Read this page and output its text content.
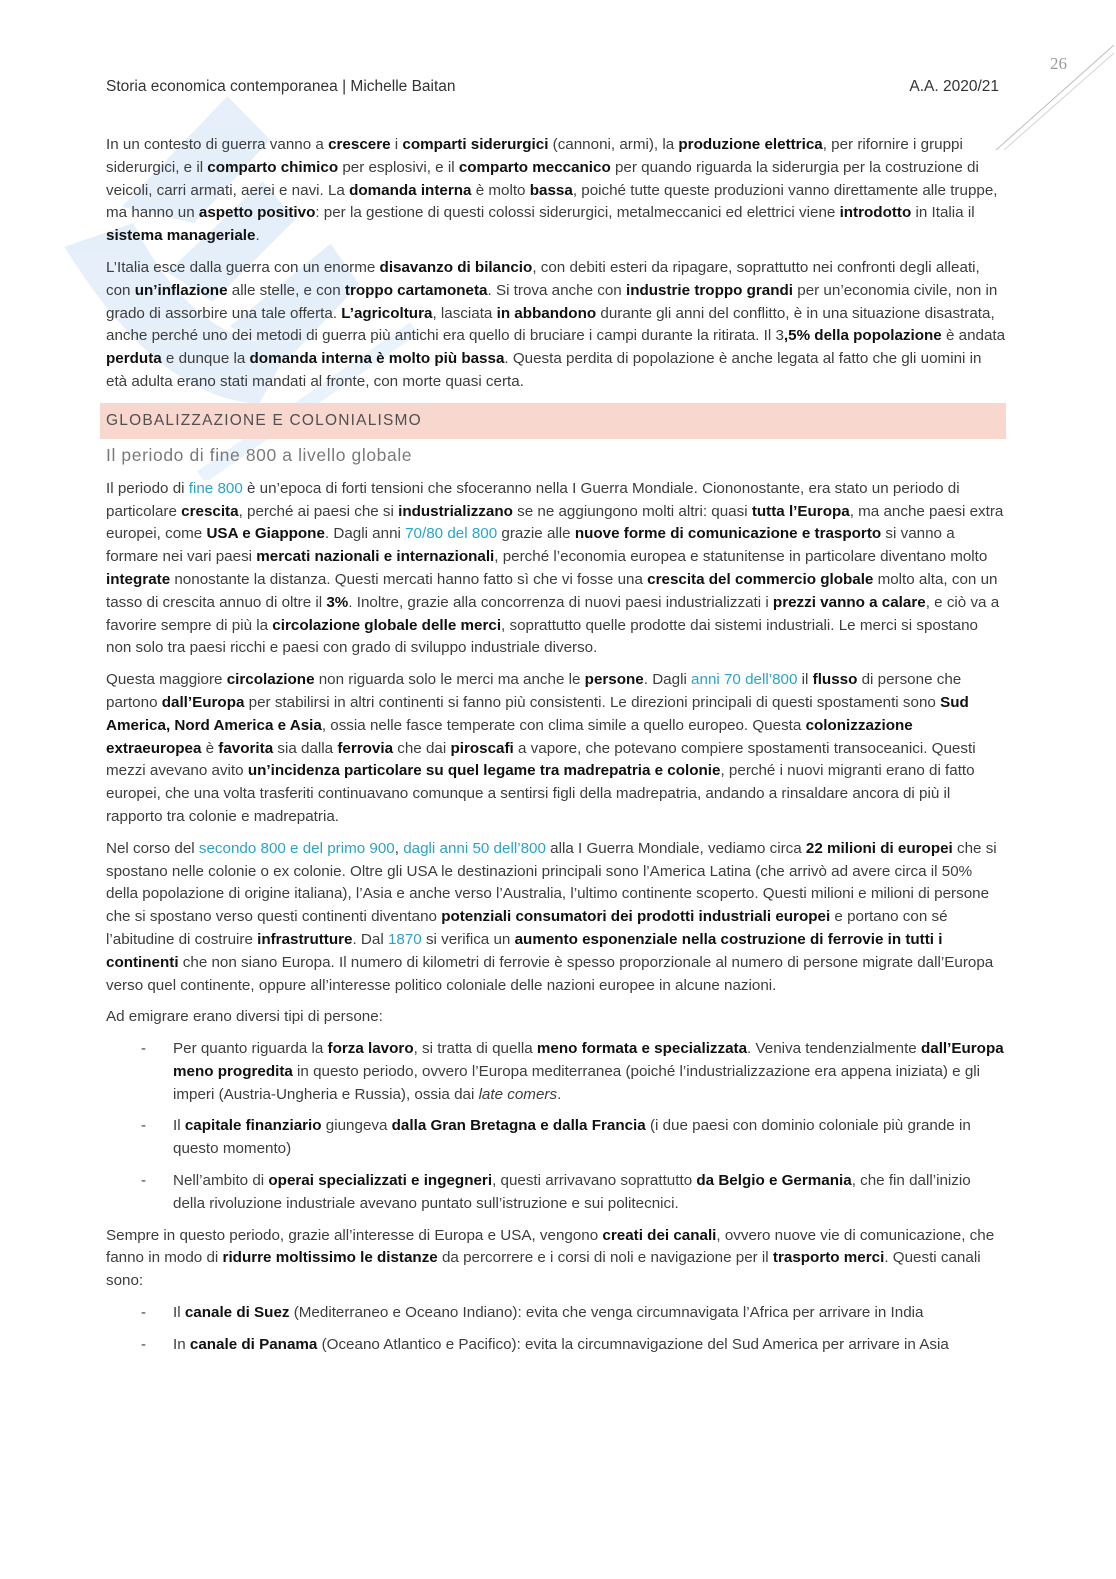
26
Storia economica contemporanea | Michelle Baitan	A.A. 2020/21

In un contesto di guerra vanno a crescere i comparti siderurgici (cannoni, armi), la produzione elettrica, per rifornire i gruppi siderurgici, e il comparto chimico per esplosivi, e il comparto meccanico per quando riguarda la siderurgia per la costruzione di veicoli, carri armati, aerei e navi. La domanda interna è molto bassa, poiché tutte queste produzioni vanno direttamente alle truppe, ma hanno un aspetto positivo: per la gestione di questi colossi siderurgici, metalmeccanici ed elettrici viene introdotto in Italia il sistema manageriale.

L’Italia esce dalla guerra con un enorme disavanzo di bilancio, con debiti esteri da ripagare, soprattutto nei confronti degli alleati, con un’inflazione alle stelle, e con troppo cartamoneta. Si trova anche con industrie troppo grandi per un’economia civile, non in grado di assorbire una tale offerta. L’agricoltura, lasciata in abbandono durante gli anni del conflitto, è in una situazione disastrata, anche perché uno dei metodi di guerra più antichi era quello di bruciare i campi durante la ritirata. Il 3,5% della popolazione è andata perduta e dunque la domanda interna è molto più bassa. Questa perdita di popolazione è anche legata al fatto che gli uomini in età adulta erano stati mandati al fronte, con morte quasi certa.

GLOBALIZZAZIONE E COLONIALISMO
Il periodo di fine 800 a livello globale

Il periodo di fine 800 è un’epoca di forti tensioni che sfoceranno nella I Guerra Mondiale. Ciononostante, era stato un periodo di particolare crescita, perché ai paesi che si industrializzano se ne aggiungono molti altri: quasi tutta l’Europa, ma anche paesi extra europei, come USA e Giappone. Dagli anni 70/80 del 800 grazie alle nuove forme di comunicazione e trasporto si vanno a formare nei vari paesi mercati nazionali e internazionali, perché l’economia europea e statunitense in particolare diventano molto integrate nonostante la distanza. Questi mercati hanno fatto sì che vi fosse una crescita del commercio globale molto alta, con un tasso di crescita annuo di oltre il 3%. Inoltre, grazie alla concorrenza di nuovi paesi industrializzati i prezzi vanno a calare, e ciò va a favorire sempre di più la circolazione globale delle merci, soprattutto quelle prodotte dai sistemi industriali. Le merci si spostano non solo tra paesi ricchi e paesi con grado di sviluppo industriale diverso.

Questa maggiore circolazione non riguarda solo le merci ma anche le persone. Dagli anni 70 dell’800 il flusso di persone che partono dall’Europa per stabilirsi in altri continenti si fanno più consistenti. Le direzioni principali di questi spostamenti sono Sud America, Nord America e Asia, ossia nelle fasce temperate con clima simile a quello europeo. Questa colonizzazione extraeuropea è favorita sia dalla ferrovia che dai piroscafi a vapore, che potevano compiere spostamenti transoceanici. Questi mezzi avevano avito un’incidenza particolare su quel legame tra madrepatria e colonie, perché i nuovi migranti erano di fatto europei, che una volta trasferiti continuavano comunque a sentirsi figli della madrepatria, andando a rinsaldare ancora di più il rapporto tra colonie e madrepatria.

Nel corso del secondo 800 e del primo 900, dagli anni 50 dell’800 alla I Guerra Mondiale, vediamo circa 22 milioni di europei che si spostano nelle colonie o ex colonie. Oltre gli USA le destinazioni principali sono l’America Latina (che arrivò ad avere circa il 50% della popolazione di origine italiana), l’Asia e anche verso l’Australia, l’ultimo continente scoperto. Questi milioni e milioni di persone che si spostano verso questi continenti diventano potenziali consumatori dei prodotti industriali europei e portano con sé l’abitudine di costruire infrastrutture. Dal 1870 si verifica un aumento esponenziale nella costruzione di ferrovie in tutti i continenti che non siano Europa. Il numero di kilometri di ferrovie è spesso proporzionale al numero di persone migrate dall’Europa verso quel continente, oppure all’interesse politico coloniale delle nazioni europee in alcune nazioni.

Ad emigrare erano diversi tipi di persone:

- Per quanto riguarda la forza lavoro, si tratta di quella meno formata e specializzata. Veniva tendenzialmente dall’Europa meno progredita in questo periodo, ovvero l’Europa mediterranea (poiché l’industrializzazione era appena iniziata) e gli imperi (Austria-Ungheria e Russia), ossia dai late comers.
- Il capitale finanziario giungeva dalla Gran Bretagna e dalla Francia (i due paesi con dominio coloniale più grande in questo momento)
- Nell’ambito di operai specializzati e ingegneri, questi arrivavano soprattutto da Belgio e Germania, che fin dall’inizio della rivoluzione industriale avevano puntato sull’istruzione e sui politecnici.

Sempre in questo periodo, grazie all’interesse di Europa e USA, vengono creati dei canali, ovvero nuove vie di comunicazione, che fanno in modo di ridurre moltissimo le distanze da percorrere e i corsi di noli e navigazione per il trasporto merci. Questi canali sono:

- Il canale di Suez (Mediterraneo e Oceano Indiano): evita che venga circumnavigata l’Africa per arrivare in India
- In canale di Panama (Oceano Atlantico e Pacifico): evita la circumnavigazione del Sud America per arrivare in Asia
